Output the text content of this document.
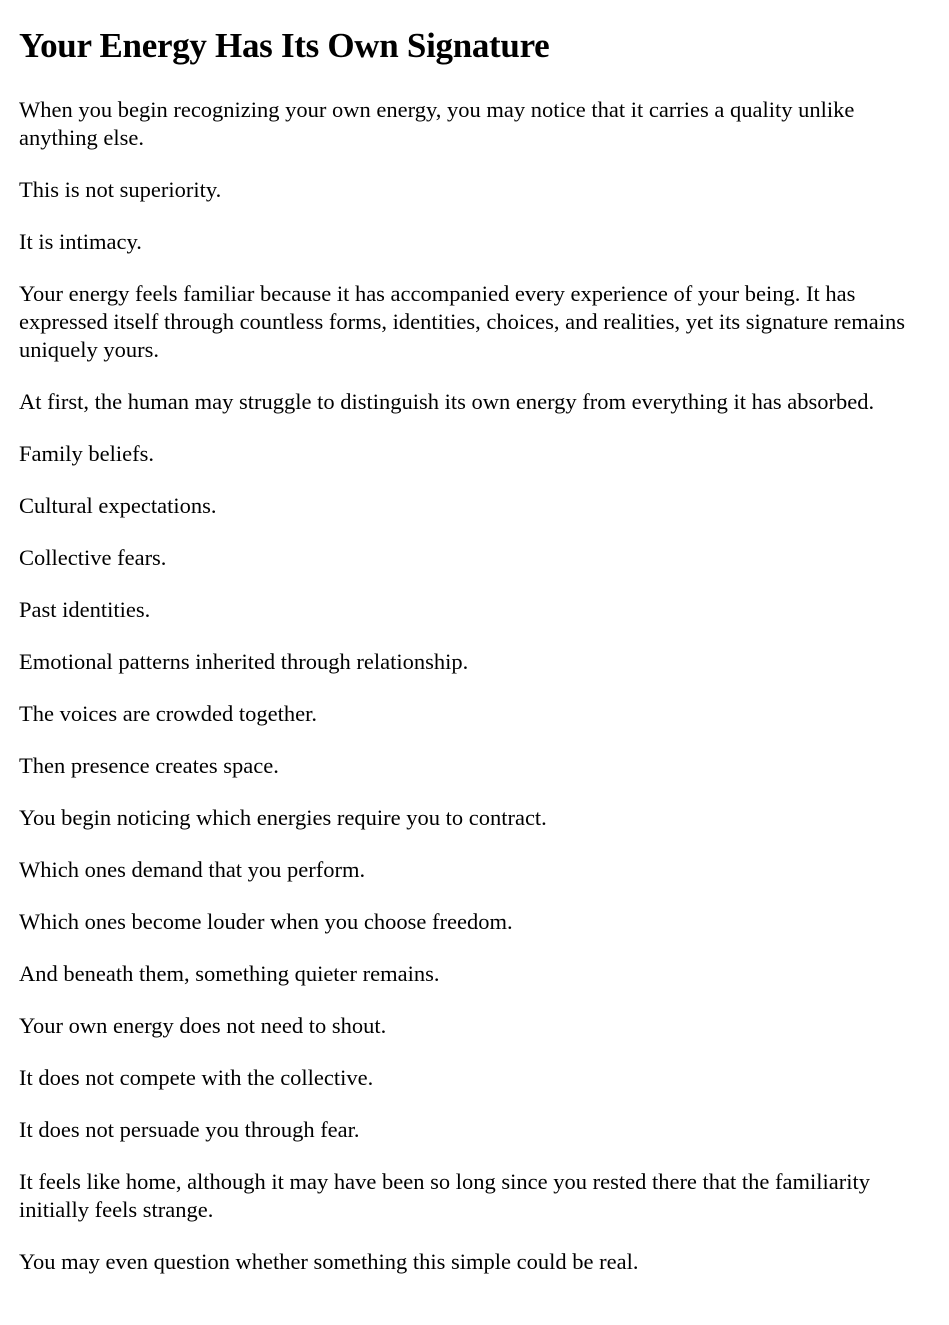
Your Energy Has Its Own Signature

When you begin recognizing your own energy, you may notice that it carries a quality unlike anything else.

This is not superiority.

It is intimacy.

Your energy feels familiar because it has accompanied every experience of your being. It has expressed itself through countless forms, identities, choices, and realities, yet its signature remains uniquely yours.

At first, the human may struggle to distinguish its own energy from everything it has absorbed.

Family beliefs.

Cultural expectations.

Collective fears.

Past identities.

Emotional patterns inherited through relationship.

The voices are crowded together.

Then presence creates space.

You begin noticing which energies require you to contract.

Which ones demand that you perform.

Which ones become louder when you choose freedom.

And beneath them, something quieter remains.

Your own energy does not need to shout.

It does not compete with the collective.

It does not persuade you through fear.

It feels like home, although it may have been so long since you rested there that the familiarity initially feels strange.

You may even question whether something this simple could be real.
